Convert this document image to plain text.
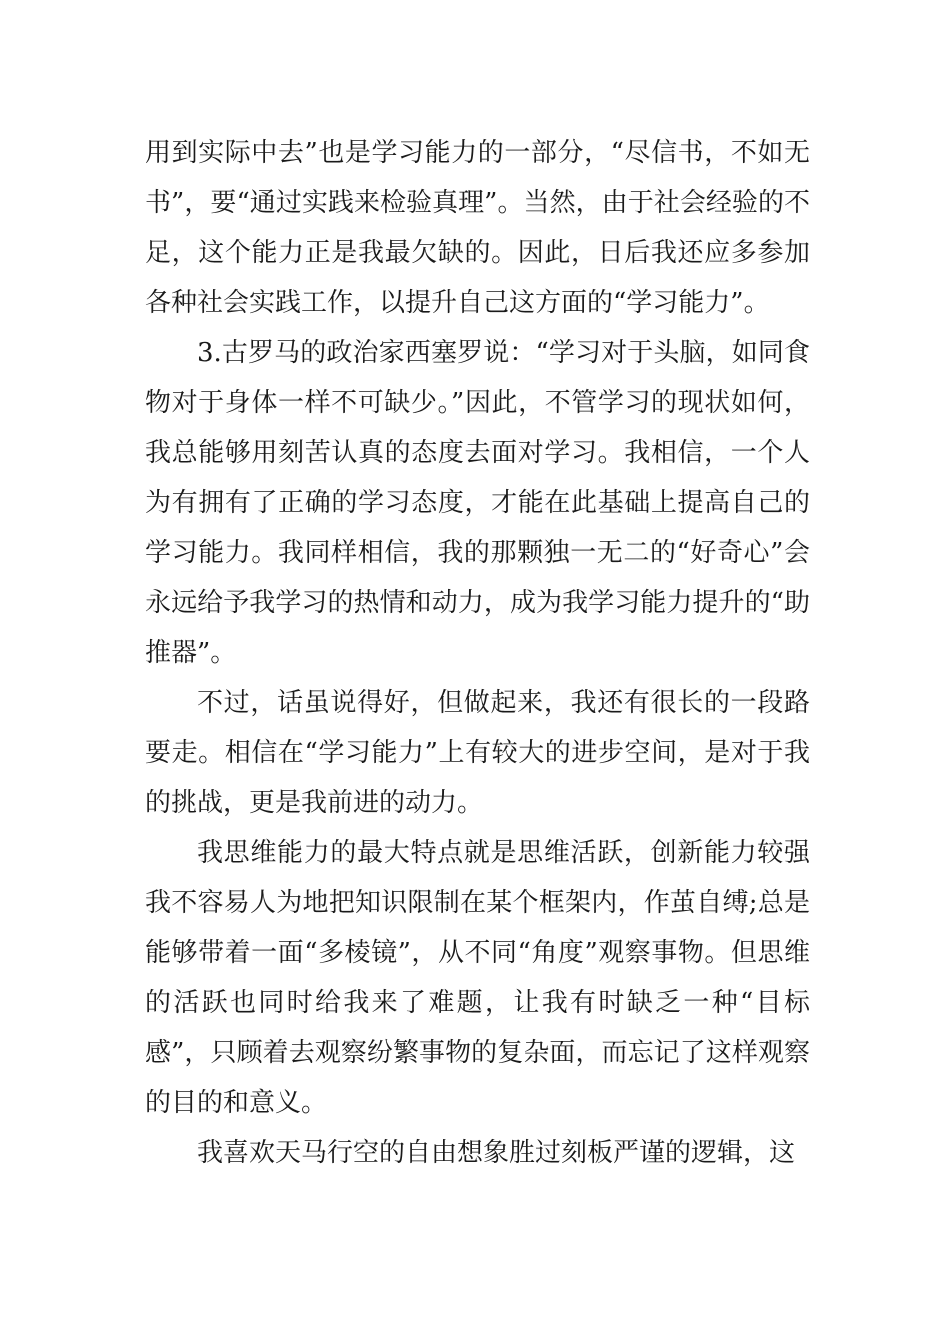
用到实际中去”也是学习能力的一部分，“尽信书，不如无书”，要“通过实践来检验真理”。当然，由于社会经验的不足，这个能力正是我最欠缺的。因此，日后我还应多参加各种社会实践工作，以提升自己这方面的“学习能力”。

3.古罗马的政治家西塞罗说：“学习对于头脑，如同食物对于身体一样不可缺少。”因此，不管学习的现状如何，我总能够用刻苦认真的态度去面对学习。我相信，一个人为有拥有了正确的学习态度，才能在此基础上提高自己的学习能力。我同样相信，我的那颗独一无二的“好奇心”会永远给予我学习的热情和动力，成为我学习能力提升的“助推器”。

不过，话虽说得好，但做起来，我还有很长的一段路要走。相信在“学习能力”上有较大的进步空间，是对于我的挑战，更是我前进的动力。

我思维能力的最大特点就是思维活跃，创新能力较强我不容易人为地把知识限制在某个框架内，作茧自缚;总是能够带着一面“多棱镜”，从不同“角度”观察事物。但思维的活跃也同时给我来了难题，让我有时缺乏一种“目标感”，只顾着去观察纷繁事物的复杂面，而忘记了这样观察的目的和意义。

我喜欢天马行空的自由想象胜过刻板严谨的逻辑，这
